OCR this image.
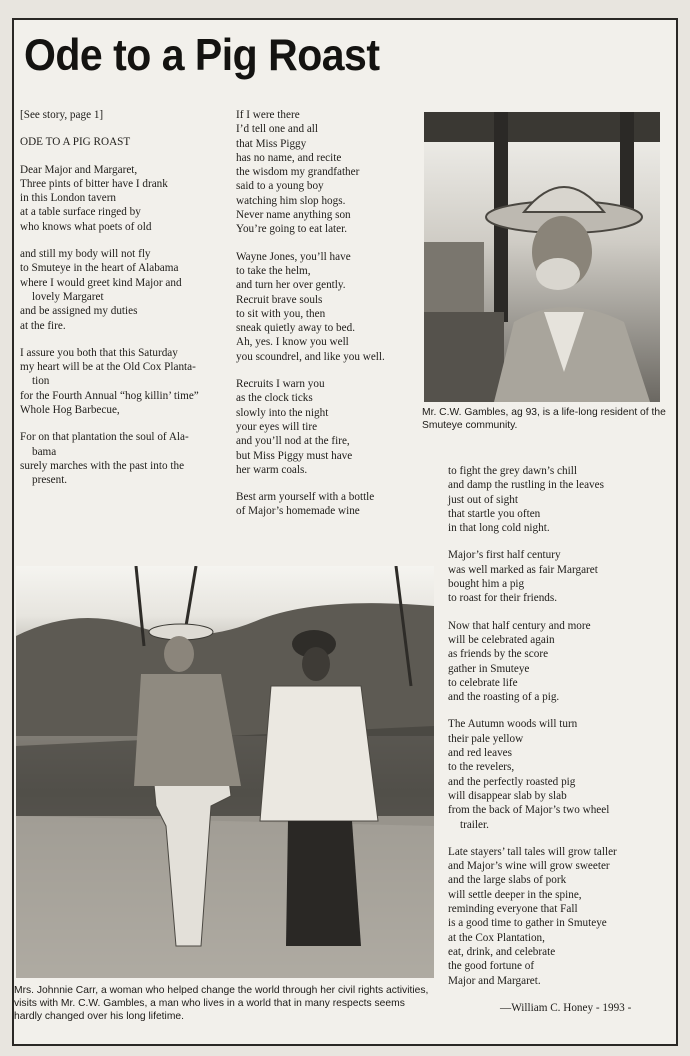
Ode to a Pig Roast

[See story, page 1]

ODE TO A PIG ROAST

Dear Major and Margaret,
Three pints of bitter have I drank
in this London tavern
at a table surface ringed by
who knows what poets of old

and still my body will not fly
to Smuteye in the heart of Alabama
where I would greet kind Major and
lovely Margaret
and be assigned my duties
at the fire.

I assure you both that this Saturday
my heart will be at the Old Cox Planta-
tion
for the Fourth Annual “hog killin’ time”
Whole Hog Barbecue,

For on that plantation the soul of Ala-
bama
surely marches with the past into the
present.

If I were there
I’d tell one and all
that Miss Piggy
has no name, and recite
the wisdom my grandfather
said to a young boy
watching him slop hogs.
Never name anything son
You’re going to eat later.

Wayne Jones, you’ll have
to take the helm,
and turn her over gently.
Recruit brave souls
to sit with you, then
sneak quietly away to bed.
Ah, yes. I know you well
you scoundrel, and like you well.

Recruits I warn you
as the clock ticks
slowly into the night
your eyes will tire
and you’ll nod at the fire,
but Miss Piggy must have
her warm coals.

Best arm yourself with a bottle
of Major’s homemade wine

to fight the grey dawn’s chill
and damp the rustling in the leaves
just out of sight
that startle you often
in that long cold night.

Major’s first half century
was well marked as fair Margaret
bought him a pig
to roast for their friends.

Now that half century and more
will be celebrated again
as friends by the score
gather in Smuteye
to celebrate life
and the roasting of a pig.

The Autumn woods will turn
their pale yellow
and red leaves
to the revelers,
and the perfectly roasted pig
will disappear slab by slab
from the back of Major’s two wheel
trailer.

Late stayers’ tall tales will grow taller
and Major’s wine will grow sweeter
and the large slabs of pork
will settle deeper in the spine,
reminding everyone that Fall
is a good time to gather in Smuteye
at the Cox Plantation,
eat, drink, and celebrate
the good fortune of
Major and Margaret.

Mr. C.W. Gambles, ag 93, is a life-long resident of the Smuteye community.
Mrs. Johnnie Carr, a woman who helped change the world through her civil rights activities, visits with Mr. C.W. Gambles, a man who lives in a world that in many respects seems hardly changed over his long lifetime.
—William C. Honey - 1993 -
